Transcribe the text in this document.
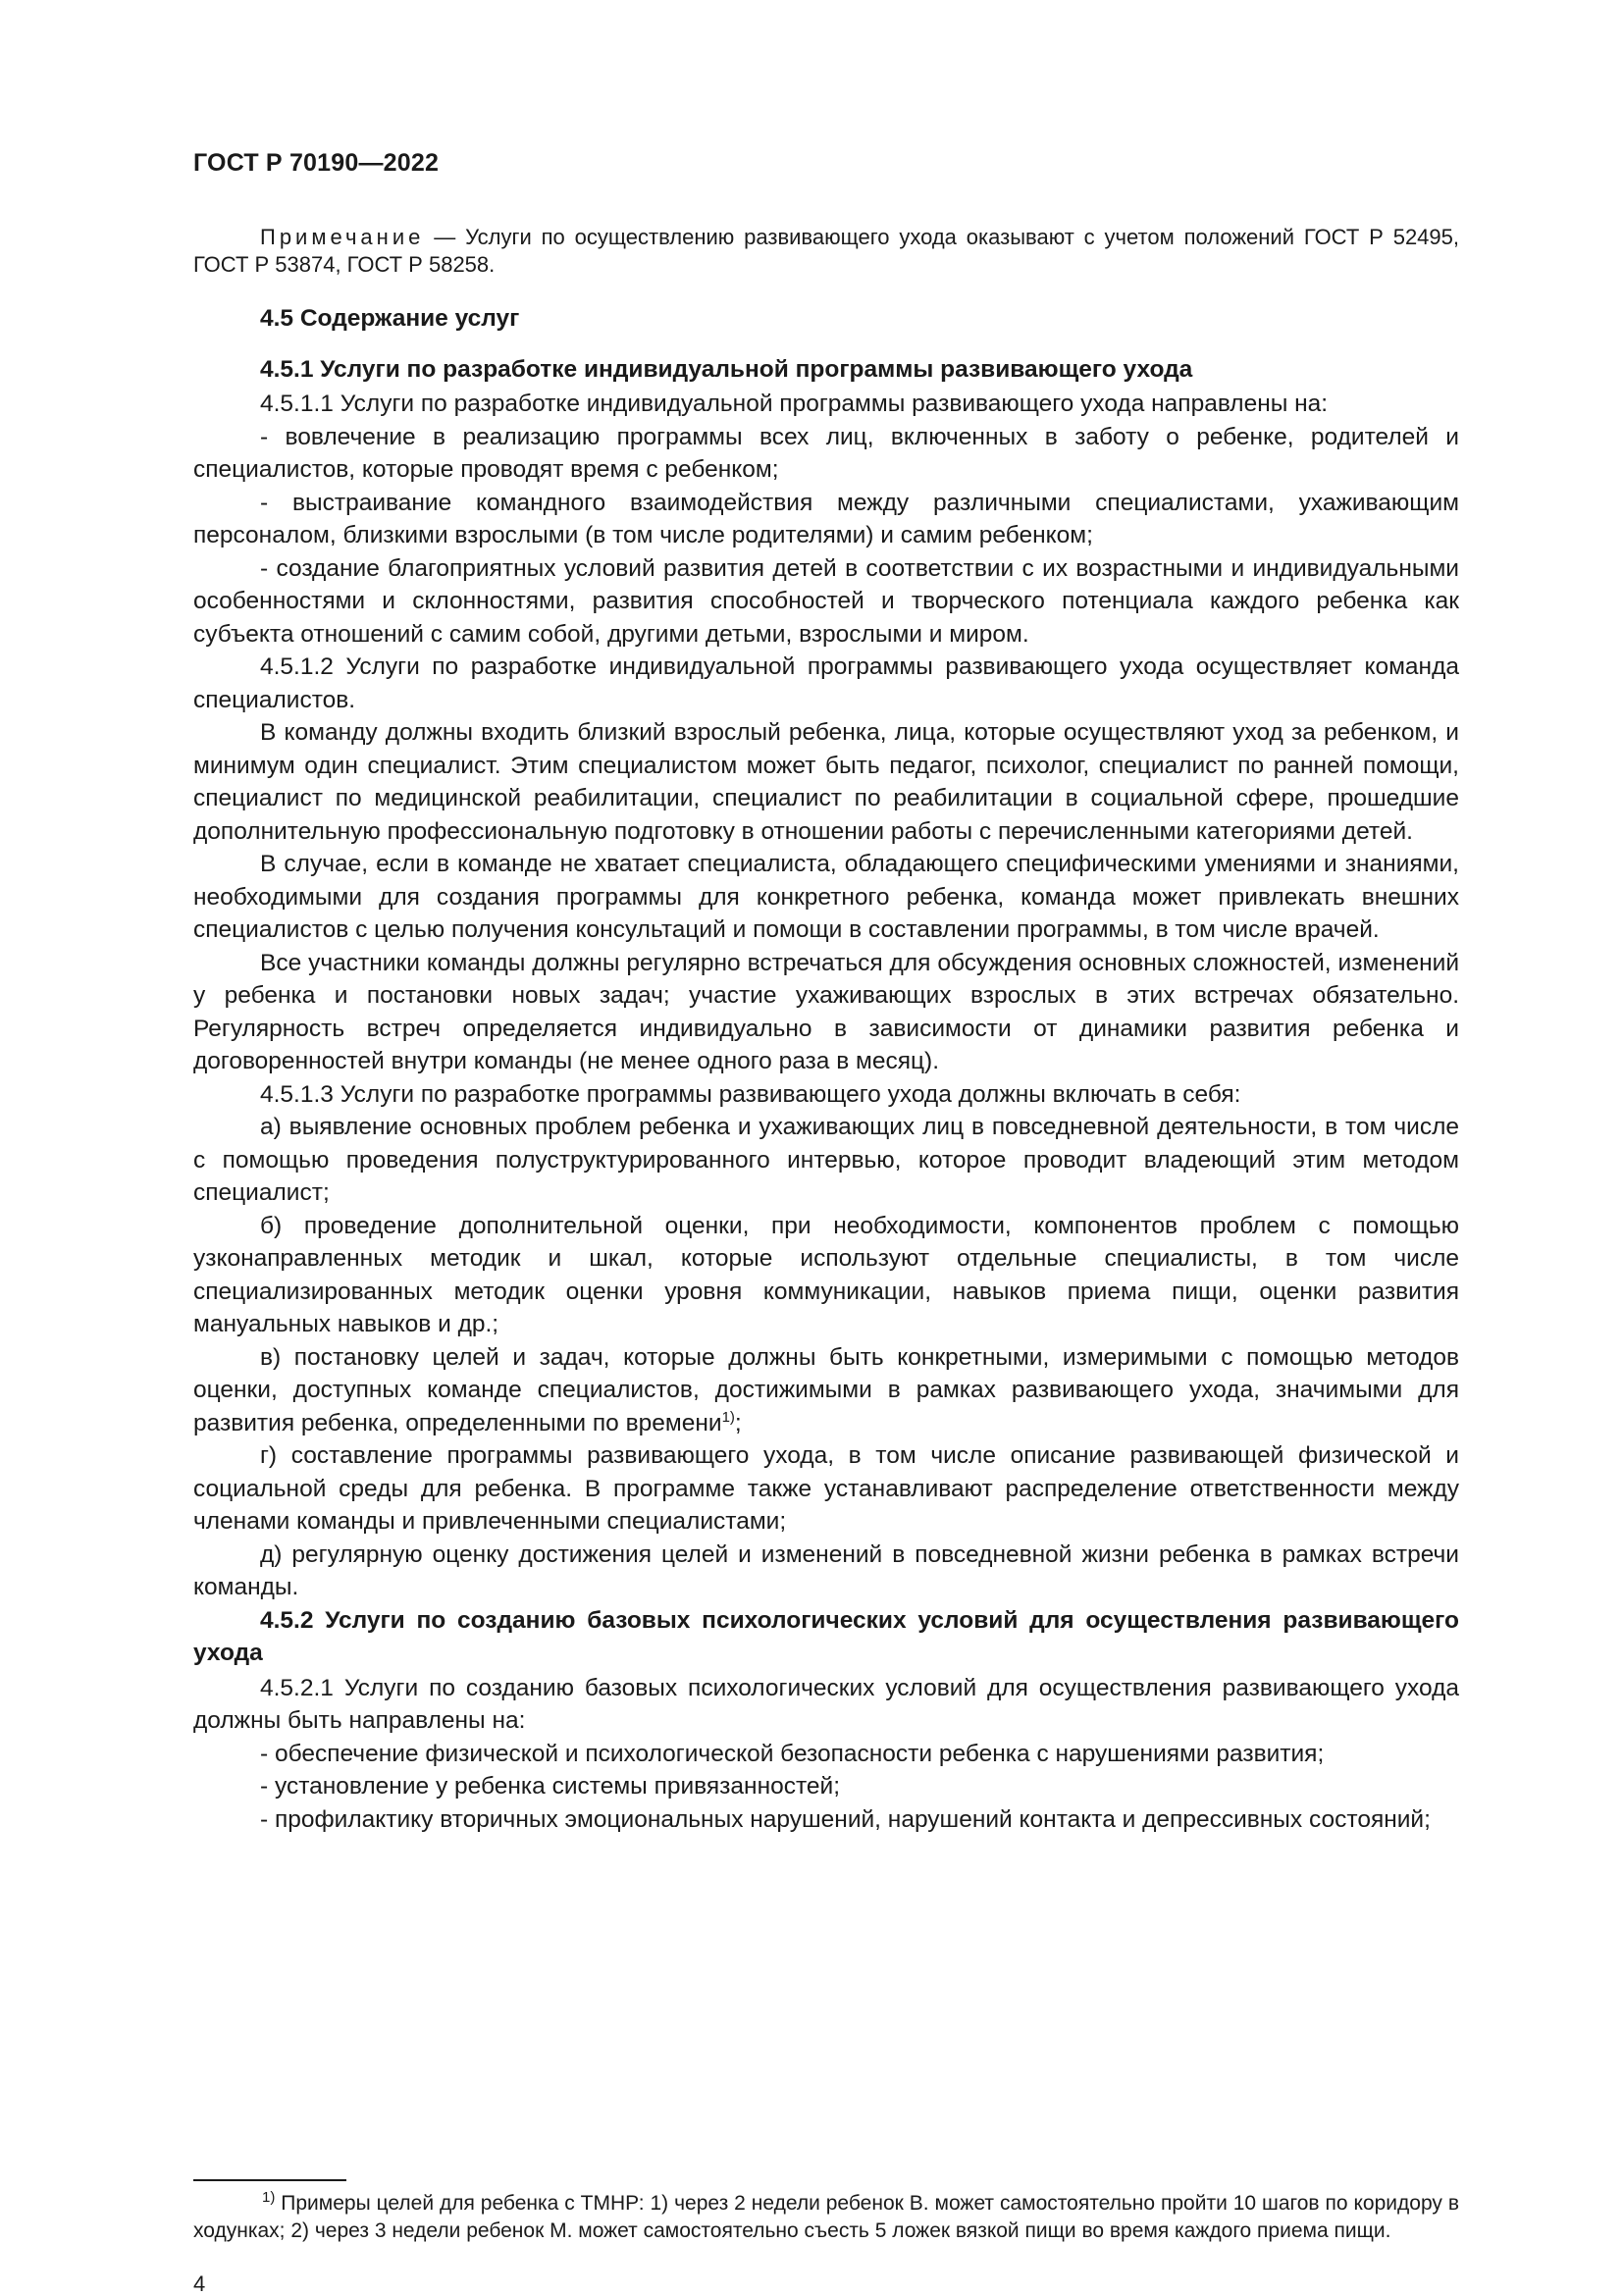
ГОСТ Р 70190—2022

Примечание — Услуги по осуществлению развивающего ухода оказывают с учетом положений ГОСТ Р 52495, ГОСТ Р 53874, ГОСТ Р 58258.

4.5 Содержание услуг

4.5.1 Услуги по разработке индивидуальной программы развивающего ухода

4.5.1.1 Услуги по разработке индивидуальной программы развивающего ухода направлены на:

- вовлечение в реализацию программы всех лиц, включенных в заботу о ребенке, родителей и специалистов, которые проводят время с ребенком;

- выстраивание командного взаимодействия между различными специалистами, ухаживающим персоналом, близкими взрослыми (в том числе родителями) и самим ребенком;

- создание благоприятных условий развития детей в соответствии с их возрастными и индивидуальными особенностями и склонностями, развития способностей и творческого потенциала каждого ребенка как субъекта отношений с самим собой, другими детьми, взрослыми и миром.

4.5.1.2 Услуги по разработке индивидуальной программы развивающего ухода осуществляет команда специалистов.

В команду должны входить близкий взрослый ребенка, лица, которые осуществляют уход за ребенком, и минимум один специалист. Этим специалистом может быть педагог, психолог, специалист по ранней помощи, специалист по медицинской реабилитации, специалист по реабилитации в социальной сфере, прошедшие дополнительную профессиональную подготовку в отношении работы с перечисленными категориями детей.

В случае, если в команде не хватает специалиста, обладающего специфическими умениями и знаниями, необходимыми для создания программы для конкретного ребенка, команда может привлекать внешних специалистов с целью получения консультаций и помощи в составлении программы, в том числе врачей.

Все участники команды должны регулярно встречаться для обсуждения основных сложностей, изменений у ребенка и постановки новых задач; участие ухаживающих взрослых в этих встречах обязательно. Регулярность встреч определяется индивидуально в зависимости от динамики развития ребенка и договоренностей внутри команды (не менее одного раза в месяц).

4.5.1.3 Услуги по разработке программы развивающего ухода должны включать в себя:

а) выявление основных проблем ребенка и ухаживающих лиц в повседневной деятельности, в том числе с помощью проведения полуструктурированного интервью, которое проводит владеющий этим методом специалист;

б) проведение дополнительной оценки, при необходимости, компонентов проблем с помощью узконаправленных методик и шкал, которые используют отдельные специалисты, в том числе специализированных методик оценки уровня коммуникации, навыков приема пищи, оценки развития мануальных навыков и др.;

в) постановку целей и задач, которые должны быть конкретными, измеримыми с помощью методов оценки, доступных команде специалистов, достижимыми в рамках развивающего ухода, значимыми для развития ребенка, определенными по времени$^{1)}$;

г) составление программы развивающего ухода, в том числе описание развивающей физической и социальной среды для ребенка. В программе также устанавливают распределение ответственности между членами команды и привлеченными специалистами;

д) регулярную оценку достижения целей и изменений в повседневной жизни ребенка в рамках встречи команды.

4.5.2 Услуги по созданию базовых психологических условий для осуществления развивающего ухода

4.5.2.1 Услуги по созданию базовых психологических условий для осуществления развивающего ухода должны быть направлены на:

- обеспечение физической и психологической безопасности ребенка с нарушениями развития;

- установление у ребенка системы привязанностей;

- профилактику вторичных эмоциональных нарушений, нарушений контакта и депрессивных состояний;

$^{1)}$ Примеры целей для ребенка с ТМНР: 1) через 2 недели ребенок В. может самостоятельно пройти 10 шагов по коридору в ходунках; 2) через 3 недели ребенок М. может самостоятельно съесть 5 ложек вязкой пищи во время каждого приема пищи.
4
